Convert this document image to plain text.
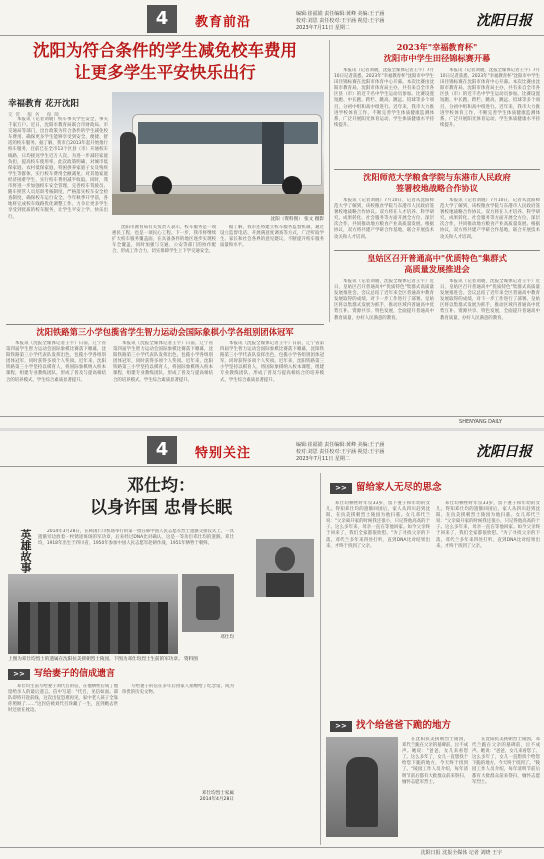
4	教育前沿
编辑:崔福娟 责任编辑:黄峰 美编:王子涵
校对:刘思 责任校对:王宇涵 视觉:王宇涵
2023年7月11日 星期二	沈阳日报
沈阳为符合条件的学生减免校车费用
让更多学生平安快乐出行
幸福教育 花开沈阳
交管 服务 保障
本报讯（记者刘晓）校车事关学生安全，事关千家万户。近日，沈阳市教育局联合市财政局、市交通局等部门，出台政策为符合条件的学生减免校车费用，确保更多学生能够享受到安全、便捷、舒适的校车服务。据了解，我市自2013年起开始推行校车服务，目前已在全市13个区县（市）开通校车线路，日均接送学生近万人次。为进一步减轻家庭负担，提高校车使用率，此次政策明确，对城市低保家庭、农村低保家庭、特困供养家庭子女及残疾学生等群体，实行校车费用全额减免；对其他家庭经济困难学生，实行校车费用减半收取。同时，我市将进一步加强校车安全管理，完善校车驾驶员、随车照管人员培训考核制度，严格落实校车安全检查制度，确保校车运行安全。今年秋季开学前，各地将完成校车线路优化调整工作，力争让更多学生享受到优质的校车服务，让学生平安上学、快乐出行。	沈阳（资料图） 张文 摄影
沈阳市教育局有关负责人表示，校车服务是一项惠民工程，也是一项民心工程。下一步，我市将继续扩大校车服务覆盖面，在具备条件的地区逐步实现校车全覆盖，同时加强与交通、公安等部门的协作配合，形成工作合力，切实保障学生上下学交通安全。
据了解，我市还将建立校车服务监督机制，通过设立监督电话、开展满意度调查等方式，广泛听取学生、家长和社会各界的意见建议，不断提升校车服务质量和水平。
2023年"幸福教育杯"
沈阳市中学生田径锦标赛开幕
本报讯（记者刘晓，沈报全媒体记者王宇）7月10日记者获悉，2023年"幸福教育杯"沈阳市中学生田径锦标赛在沈阳市体育中心开幕。本次比赛由沈阳市教育局、沈阳市体育局主办，共有来自全市各区县（市）的近千名中学生运动员参加。比赛设置短跑、中长跑、跨栏、跳高、跳远、铅球等多个项目，分初中组和高中组进行。近年来，我市大力推进学校体育工作，不断完善学生体质健康监测体系，广泛开展阳光体育运动，学生体质健康水平持续提升。
本报讯（记者刘晓，沈报全媒体记者王宇）7月10日记者获悉，2023年"幸福教育杯"沈阳市中学生田径锦标赛在沈阳市体育中心开幕。本次比赛由沈阳市教育局、沈阳市体育局主办，共有来自全市各区县（市）的近千名中学生运动员参加。比赛设置短跑、中长跑、跨栏、跳高、跳远、铅球等多个项目，分初中组和高中组进行。近年来，我市大力推进学校体育工作，不断完善学生体质健康监测体系，广泛开展阳光体育运动，学生体质健康水平持续提升。
沈阳师范大学粮食学院与东港市人民政府
签署校地战略合作协议
本报讯（记者刘晓）7月10日，记者从沈阳师范大学了解到，该校粮食学院与东港市人民政府签署校地战略合作协议。双方将在人才培养、科学研究、成果转化、社会服务等方面开展全方位、深层次合作，共同推动地方粮食产业高质量发展。根据协议，双方将共建产学研合作基地，联合开展技术攻关和人才培训。
本报讯（记者刘晓）7月10日，记者从沈阳师范大学了解到，该校粮食学院与东港市人民政府签署校地战略合作协议。双方将在人才培养、科学研究、成果转化、社会服务等方面开展全方位、深层次合作，共同推动地方粮食产业高质量发展。根据协议，双方将共建产学研合作基地，联合开展技术攻关和人才培训。
皇姑区召开普通高中"优质特色"集群式
高质量发展推进会
本报讯（记者刘晓，沈报全媒体记者王宇）近日，皇姑区召开普通高中"优质特色"集群式高质量发展推进会。会议总结了近年来全区普通高中教育发展取得的成绩，对下一步工作进行了部署。皇姑区将以集群式发展为抓手，推动区域内普通高中优势互补、资源共享、特色发展，全面提升普通高中教育质量，办好人民满意的教育。
本报讯（记者刘晓，沈报全媒体记者王宇）近日，皇姑区召开普通高中"优质特色"集群式高质量发展推进会。会议总结了近年来全区普通高中教育发展取得的成绩，对下一步工作进行了部署。皇姑区将以集群式发展为抓手，推动区域内普通高中优势互补、资源共享、特色发展，全面提升普通高中教育质量，办好人民满意的教育。
沈阳铁路第三小学包揽省学生智力运动会国际象棋小学各组别团体冠军
本报讯（沈报全媒体记者王宇）日前，辽宁省第四届学生智力运动会国际象棋比赛落下帷幕，沈阳铁路第三小学代表队发挥出色，包揽小学各组别团体冠军，同时获得多项个人奖项。近年来，沈阳铁路第三小学坚持以棋育人，将国际象棋纳入校本课程，组建专业教练团队，形成了普及与提高相结合的培养模式，学生综合素质显著提升。
本报讯（沈报全媒体记者王宇）日前，辽宁省第四届学生智力运动会国际象棋比赛落下帷幕，沈阳铁路第三小学代表队发挥出色，包揽小学各组别团体冠军，同时获得多项个人奖项。近年来，沈阳铁路第三小学坚持以棋育人，将国际象棋纳入校本课程，组建专业教练团队，形成了普及与提高相结合的培养模式，学生综合素质显著提升。
本报讯（沈报全媒体记者王宇）日前，辽宁省第四届学生智力运动会国际象棋比赛落下帷幕，沈阳铁路第三小学代表队发挥出色，包揽小学各组别团体冠军，同时获得多项个人奖项。近年来，沈阳铁路第三小学坚持以棋育人，将国际象棋纳入校本课程，组建专业教练团队，形成了普及与提高相结合的培养模式，学生综合素质显著提升。
SHENYANG DAILY
4	特别关注
编辑:崔福娟 责任编辑:黄峰 美编:王子涵
校对:刘思 责任校对:王宇涵 视觉:王宇涵
2023年7月11日 星期二	沈阳日报
邓仕均：
以身许国 忠骨长眠
英雄故事	2014年3月28日，在韩国仁川机场举行的第一批在韩中国人民志愿军烈士遗骸交接仪式上，一具遗骸旁边放着一枚锈迹斑斑的军功章，后来经过DNA比对确认，这是一等功臣邓仕均的遗骸。邓仕均，1918年出生于四川省，1950年参加中国人民志愿军赴朝作战，1951年牺牲于朝鲜。
邓仕均
上图为邓仕均烈士的遗属在沈阳抗美援朝烈士陵园，下图为邓仕均烈士生前的军功章。 资料图
>>	写给妻子的信成遗言
邓仕均生前写给妻子刘代召的信，在他牺牲后成了他留给亲人的最后遗言。信中写道："代召，见信如面。部队即将开赴前线，这次出征恐难再见，家中老人孩子全靠你照顾了……"这封信被刘代召珍藏了一生，直到她去世时还放在枕边。
写给妻子的信在多年后由家人捐赠给了纪念馆，成为珍贵的历史文物。
邓仕均烈士家属
2014年4月28日
>> 留给家人无尽的思念
邓仕均牺牲时年仅33岁，留下妻子和年幼的女儿。得知邓仕均的遗骸回国后，家人从四川赶到沈阳，在抗美援朝烈士陵园为他扫墓。女儿邓代兰说："父亲离开家的时候我还很小，只记得他高高的个子。这么多年来，母亲一直在等他回家。如今父亲终于回来了，我们全家都很欣慰。"为了寻找父亲的下落，邓代兰多年来四处打听，直到DNA比对结果出来，才终于找到了父亲。
邓仕均牺牲时年仅33岁，留下妻子和年幼的女儿。得知邓仕均的遗骸回国后，家人从四川赶到沈阳，在抗美援朝烈士陵园为他扫墓。女儿邓代兰说："父亲离开家的时候我还很小，只记得他高高的个子。这么多年来，母亲一直在等他回家。如今父亲终于回来了，我们全家都很欣慰。"为了寻找父亲的下落，邓代兰多年来四处打听，直到DNA比对结果出来，才终于找到了父亲。
>> 找个给爸爸下跪的地方
在沈阳抗美援朝烈士陵园，邓代兰跪在父亲的墓碑前，泣不成声。她说："爸爸，女儿来看您了。这么多年了，女儿一直想找个给您下跪的地方，今天终于找到了。"陵园工作人员介绍，每年清明节前后都有大批群众前来祭扫，缅怀志愿军烈士。
在沈阳抗美援朝烈士陵园，邓代兰跪在父亲的墓碑前，泣不成声。她说："爸爸，女儿来看您了。这么多年了，女儿一直想找个给您下跪的地方，今天终于找到了。"陵园工作人员介绍，每年清明节前后都有大批群众前来祭扫，缅怀志愿军烈士。
沈阳日报 沈报全媒体 记者 刘晓 王宇
